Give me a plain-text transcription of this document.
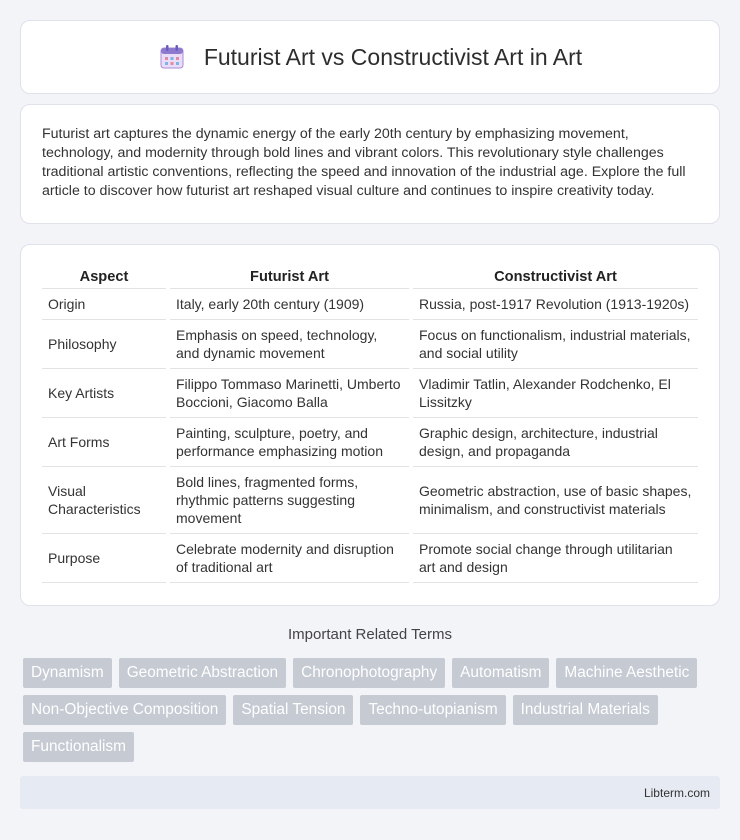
Futurist Art vs Constructivist Art in Art

Futurist art captures the dynamic energy of the early 20th century by emphasizing movement, technology, and modernity through bold lines and vibrant colors. This revolutionary style challenges traditional artistic conventions, reflecting the speed and innovation of the industrial age. Explore the full article to discover how futurist art reshaped visual culture and continues to inspire creativity today.

Aspect	Futurist Art	Constructivist Art
Origin	Italy, early 20th century (1909)	Russia, post-1917 Revolution (1913-1920s)
Philosophy	Emphasis on speed, technology, and dynamic movement	Focus on functionalism, industrial materials, and social utility
Key Artists	Filippo Tommaso Marinetti, Umberto Boccioni, Giacomo Balla	Vladimir Tatlin, Alexander Rodchenko, El Lissitzky
Art Forms	Painting, sculpture, poetry, and performance emphasizing motion	Graphic design, architecture, industrial design, and propaganda
Visual Characteristics	Bold lines, fragmented forms, rhythmic patterns suggesting movement	Geometric abstraction, use of basic shapes, minimalism, and constructivist materials
Purpose	Celebrate modernity and disruption of traditional art	Promote social change through utilitarian art and design
Important Related Terms
Dynamism	Geometric Abstraction	Chronophotography	Automatism	Machine Aesthetic
Non-Objective Composition	Spatial Tension	Techno-utopianism	Industrial Materials
Functionalism
Libterm.com
